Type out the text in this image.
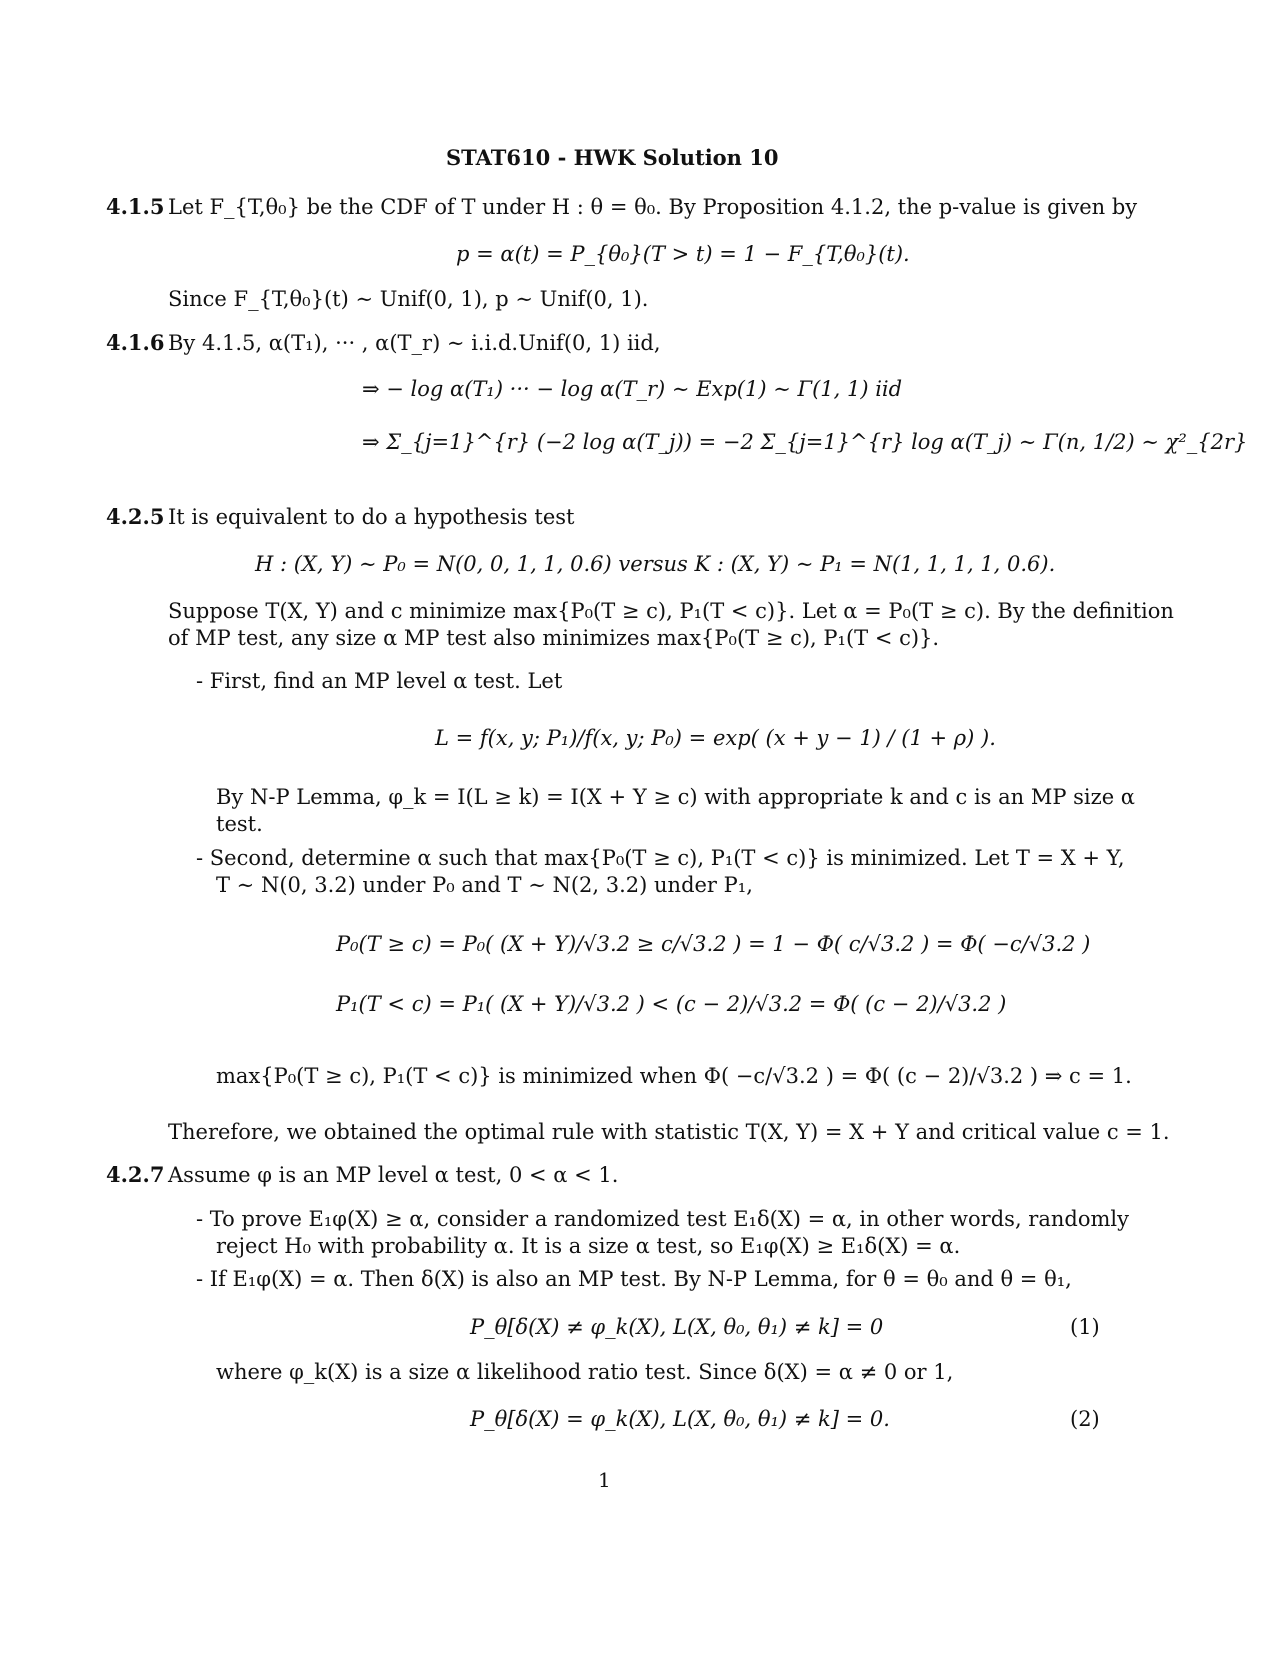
STAT610 - HWK Solution 10
4.1.5 Let F_{T,θ₀} be the CDF of T under H : θ = θ₀. By Proposition 4.1.2, the p-value is given by
p = α(t) = P_{θ₀}(T > t) = 1 − F_{T,θ₀}(t).
Since F_{T,θ₀}(t) ∼ Unif(0, 1), p ∼ Unif(0, 1).
4.1.6 By 4.1.5, α(T₁), ··· , α(T_r) ∼ i.i.d.Unif(0, 1) iid,
⇒ − log α(T₁) ··· − log α(T_r) ∼ Exp(1) ∼ Γ(1, 1) iid
⇒ Σ_{j=1}^{r} (−2 log α(T_j)) = −2 Σ_{j=1}^{r} log α(T_j) ∼ Γ(n, 1/2) ∼ χ²_{2r}
4.2.5 It is equivalent to do a hypothesis test
H : (X, Y) ∼ P₀ = N(0, 0, 1, 1, 0.6) versus K : (X, Y) ∼ P₁ = N(1, 1, 1, 1, 0.6).
Suppose T(X, Y) and c minimize max{P₀(T ≥ c), P₁(T < c)}. Let α = P₀(T ≥ c). By the definition
of MP test, any size α MP test also minimizes max{P₀(T ≥ c), P₁(T < c)}.
- First, find an MP level α test. Let
L = f(x, y; P₁)/f(x, y; P₀) = exp( (x + y − 1) / (1 + ρ) ).
By N-P Lemma, φ_k = I(L ≥ k) = I(X + Y ≥ c) with appropriate k and c is an MP size α
test.
- Second, determine α such that max{P₀(T ≥ c), P₁(T < c)} is minimized. Let T = X + Y,
T ∼ N(0, 3.2) under P₀ and T ∼ N(2, 3.2) under P₁,
P₀(T ≥ c) = P₀( (X + Y)/√3.2 ≥ c/√3.2 ) = 1 − Φ( c/√3.2 ) = Φ( −c/√3.2 )
P₁(T < c) = P₁( (X + Y)/√3.2 ) < (c − 2)/√3.2 = Φ( (c − 2)/√3.2 )
max{P₀(T ≥ c), P₁(T < c)} is minimized when Φ( −c/√3.2 ) = Φ( (c − 2)/√3.2 ) ⇒ c = 1.
Therefore, we obtained the optimal rule with statistic T(X, Y) = X + Y and critical value c = 1.
4.2.7 Assume φ is an MP level α test, 0 < α < 1.
- To prove E₁φ(X) ≥ α, consider a randomized test E₁δ(X) = α, in other words, randomly
reject H₀ with probability α. It is a size α test, so E₁φ(X) ≥ E₁δ(X) = α.
- If E₁φ(X) = α. Then δ(X) is also an MP test. By N-P Lemma, for θ = θ₀ and θ = θ₁,
P_θ[δ(X) ≠ φ_k(X), L(X, θ₀, θ₁) ≠ k] = 0	(1)
where φ_k(X) is a size α likelihood ratio test. Since δ(X) = α ≠ 0 or 1,
P_θ[δ(X) = φ_k(X), L(X, θ₀, θ₁) ≠ k] = 0.	(2)
1
